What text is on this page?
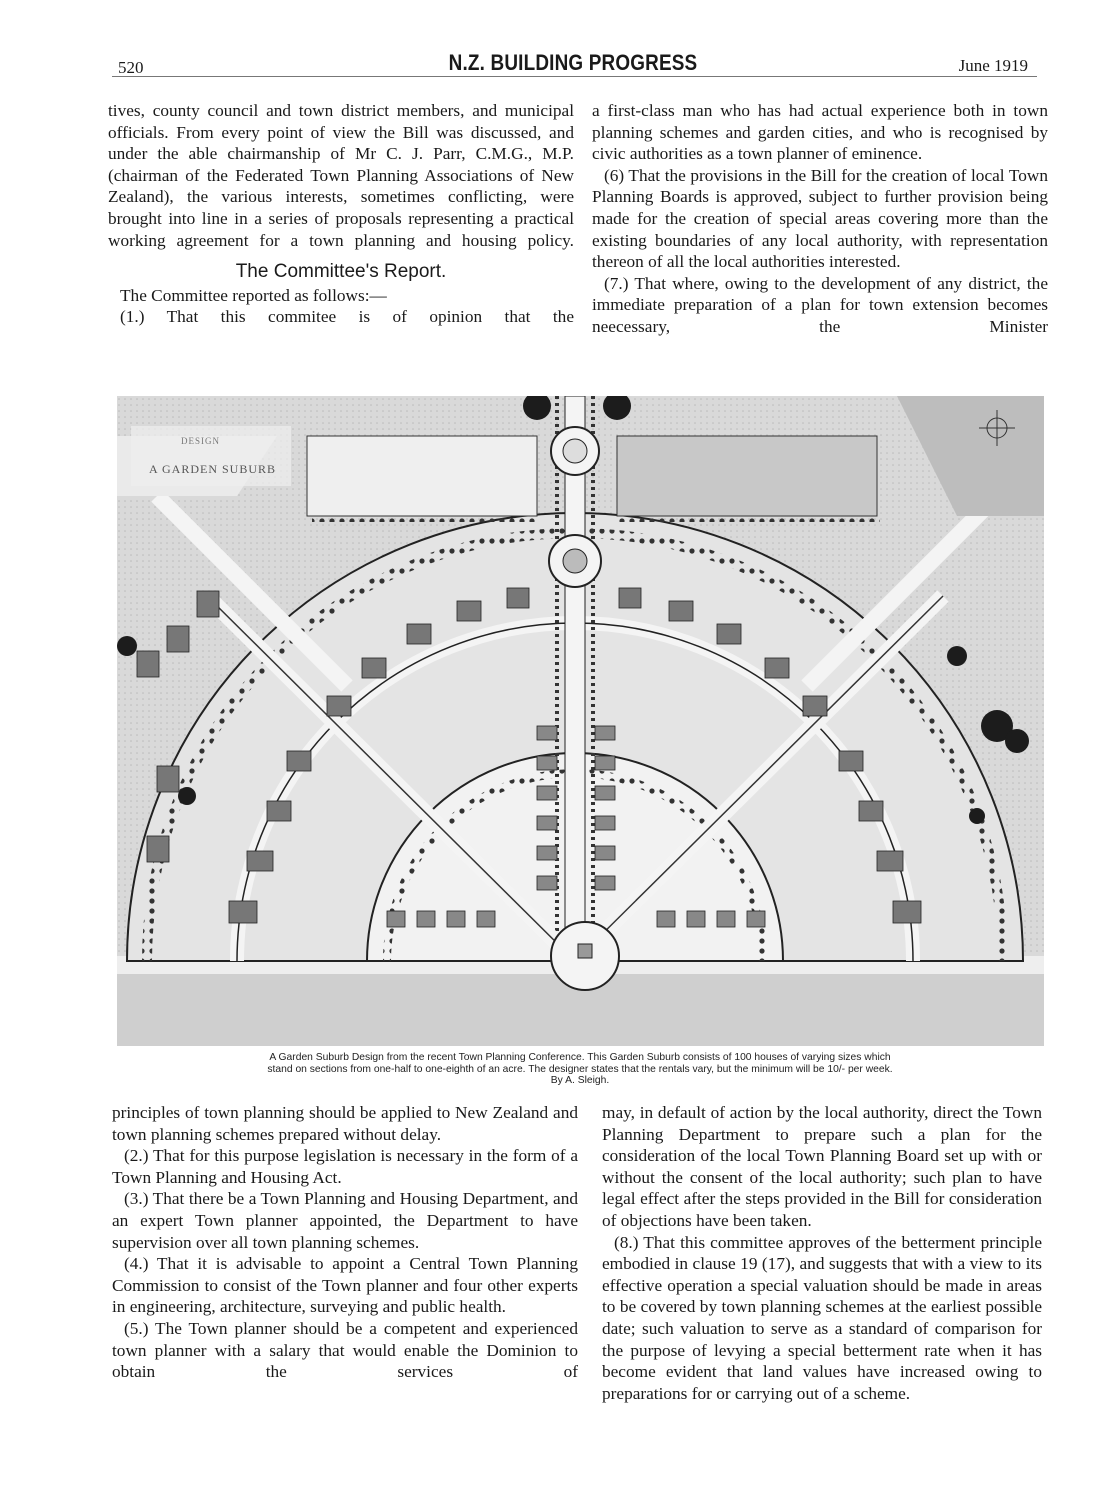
520	N.Z. BUILDING PROGRESS	June 1919

tives, county council and town district members, and municipal officials. From every point of view the Bill was discussed, and under the able chairmanship of Mr C. J. Parr, C.M.G., M.P. (chairman of the Federated Town Planning Associations of New Zealand), the various interests, sometimes conflicting, were brought into line in a series of proposals representing a practical working agreement for a town planning and housing policy.

The Committee's Report.

The Committee reported as follows:—

(1.) That this commitee is of opinion that the

a first-class man who has had actual experience both in town planning schemes and garden cities, and who is recognised by civic authorities as a town planner of eminence.

(6) That the provisions in the Bill for the creation of local Town Planning Boards is approved, subject to further provision being made for the creation of special areas covering more than the existing boundaries of any local authority, with representation thereon of all the local authorities interested.

(7.) That where, owing to the development of any district, the immediate preparation of a plan for town extension becomes neecessary, the Minister

DESIGN
A GARDEN SUBURB

A Garden Suburb Design from the recent Town Planning Conference. This Garden Suburb consists of 100 houses of varying sizes which

stand on sections from one-half to one-eighth of an acre. The designer states that the rentals vary, but the minimum will be 10/- per week.

By A. Sleigh.

principles of town planning should be applied to New Zealand and town planning schemes prepared without delay.

(2.) That for this purpose legislation is necessary in the form of a Town Planning and Housing Act.

(3.) That there be a Town Planning and Housing Department, and an expert Town planner appointed, the Department to have supervision over all town planning schemes.

(4.) That it is advisable to appoint a Central Town Planning Commission to consist of the Town planner and four other experts in engineering, architecture, surveying and public health.

(5.) The Town planner should be a competent and experienced town planner with a salary that would enable the Dominion to obtain the services of

may, in default of action by the local authority, direct the Town Planning Department to prepare such a plan for the consideration of the local Town Planning Board set up with or without the consent of the local authority; such plan to have legal effect after the steps provided in the Bill for consideration of objections have been taken.

(8.) That this committee approves of the betterment principle embodied in clause 19 (17), and suggests that with a view to its effective operation a special valuation should be made in areas to be covered by town planning schemes at the earliest possible date; such valuation to serve as a standard of comparison for the purpose of levying a special betterment rate when it has become evident that land values have increased owing to preparations for or carrying out of a scheme.
